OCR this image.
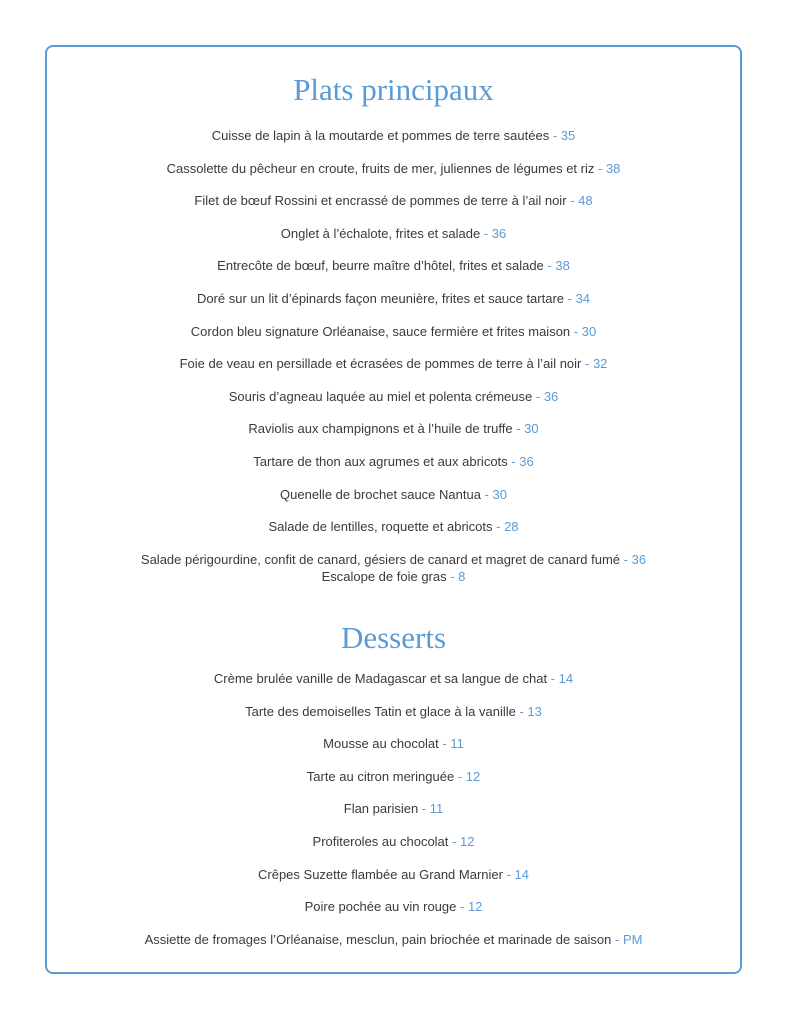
Plats principaux
Cuisse de lapin à la moutarde et pommes de terre sautées - 35
Cassolette du pêcheur en croute, fruits de mer, juliennes de légumes et riz - 38
Filet de bœuf Rossini et encrassé de pommes de terre à l’ail noir - 48
Onglet à l’échalote, frites et salade - 36
Entrecôte de bœuf, beurre maître d’hôtel, frites et salade - 38
Doré sur un lit d’épinards façon meunière, frites et sauce tartare - 34
Cordon bleu signature Orléanaise, sauce fermière et frites maison - 30
Foie de veau en persillade et écrasées de pommes de terre à l’ail noir - 32
Souris d’agneau laquée au miel et polenta crémeuse - 36
Raviolis aux champignons et à l’huile de truffe - 30
Tartare de thon aux agrumes et aux abricots - 36
Quenelle de brochet sauce Nantua - 30
Salade de lentilles, roquette et abricots - 28
Salade périgourdine, confit de canard, gésiers de canard et magret de canard fumé - 36
Escalope de foie gras - 8
Desserts
Crème brulée vanille de Madagascar et sa langue de chat - 14
Tarte des demoiselles Tatin et glace à la vanille - 13
Mousse au chocolat - 11
Tarte au citron meringuée - 12
Flan parisien - 11
Profiteroles au chocolat - 12
Crêpes Suzette flambée au Grand Marnier - 14
Poire pochée au vin rouge - 12
Assiette de fromages l’Orléanaise, mesclun, pain briochée et marinade de saison - PM
